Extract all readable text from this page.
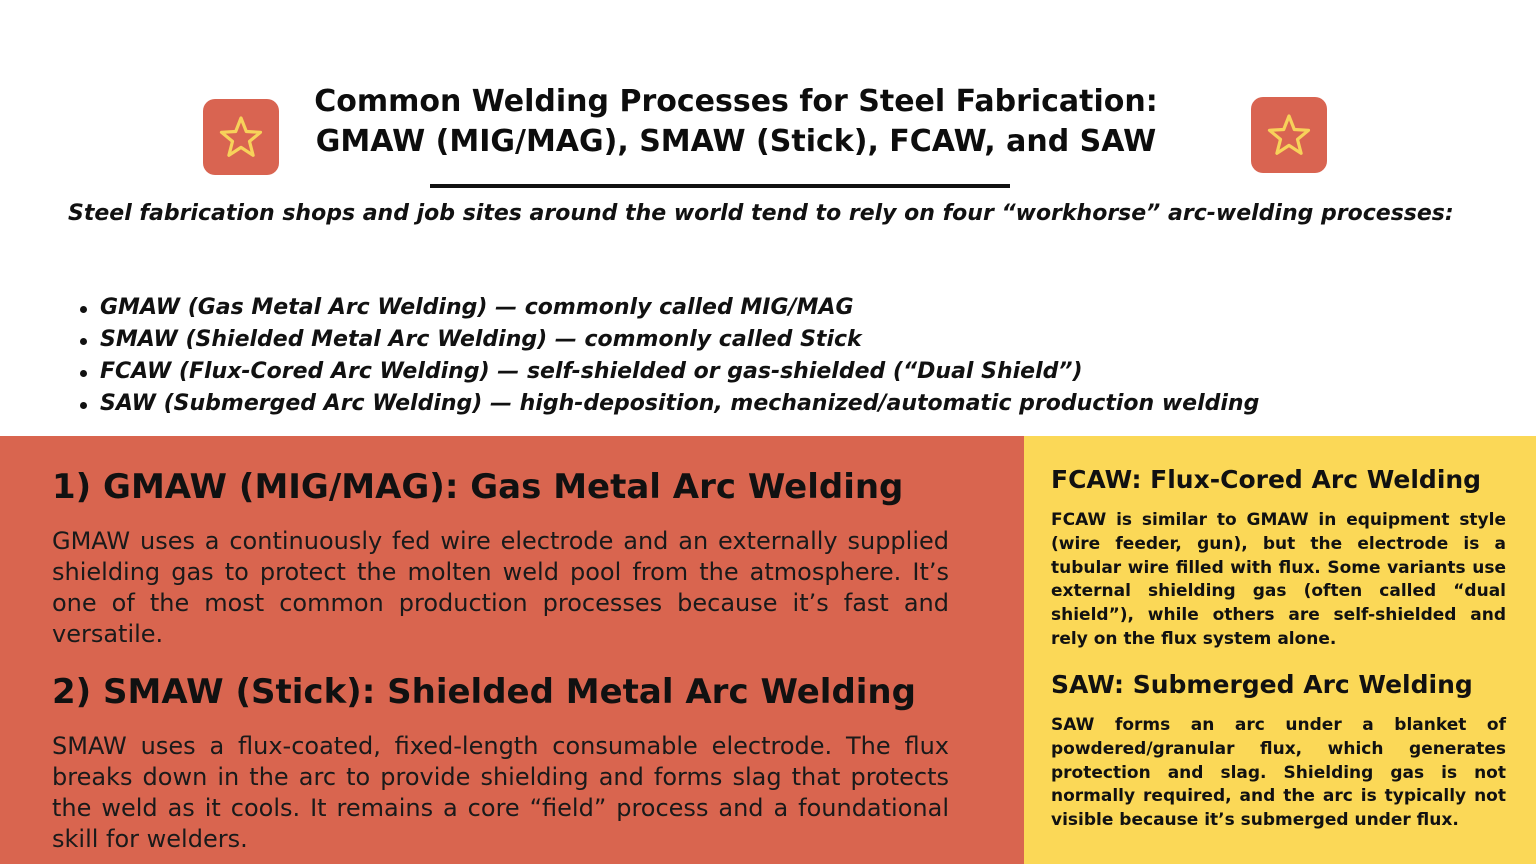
Common Welding Processes for Steel Fabrication:
GMAW (MIG/MAG), SMAW (Stick), FCAW, and SAW

Steel fabrication shops and job sites around the world tend to rely on four “workhorse” arc-welding processes:

GMAW (Gas Metal Arc Welding) — commonly called MIG/MAG
SMAW (Shielded Metal Arc Welding) — commonly called Stick
FCAW (Flux-Cored Arc Welding) — self-shielded or gas-shielded (“Dual Shield”)
SAW (Submerged Arc Welding) — high-deposition, mechanized/automatic production welding
1) GMAW (MIG/MAG): Gas Metal Arc Welding

GMAW uses a continuously fed wire electrode and an externally supplied shielding gas to protect the molten weld pool from the atmosphere. It’s one of the most common production processes because it’s fast and versatile.

2) SMAW (Stick): Shielded Metal Arc Welding

SMAW uses a flux-coated, fixed-length consumable electrode. The flux breaks down in the arc to provide shielding and forms slag that protects the weld as it cools. It remains a core “field” process and a foundational skill for welders.

FCAW: Flux-Cored Arc Welding

FCAW is similar to GMAW in equipment style (wire feeder, gun), but the electrode is a tubular wire filled with flux. Some variants use external shielding gas (often called “dual shield”), while others are self-shielded and rely on the flux system alone.

SAW: Submerged Arc Welding

SAW forms an arc under a blanket of powdered/granular flux, which generates protection and slag. Shielding gas is not normally required, and the arc is typically not visible because it’s submerged under flux.
